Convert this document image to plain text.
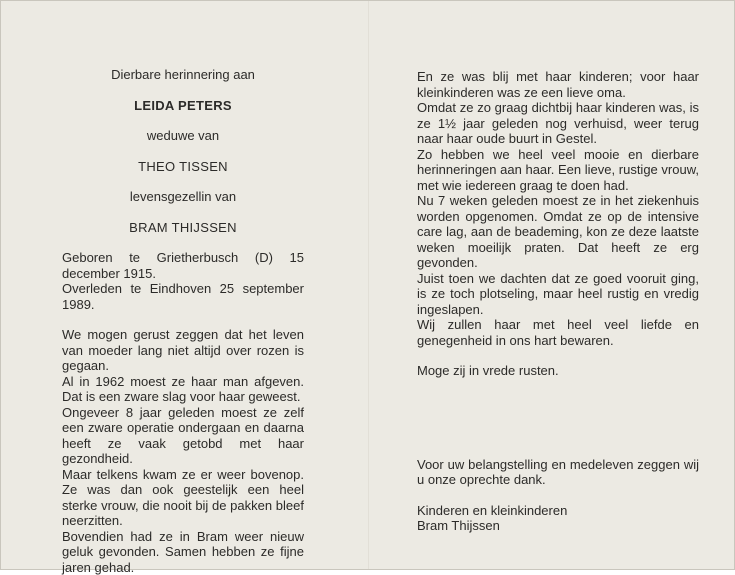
Dierbare herinnering aan

LEIDA PETERS

weduwe van

THEO TISSEN

levensgezellin van

BRAM THIJSSEN

Geboren te Grietherbusch (D) 15 december 1915.

Overleden te Eindhoven 25 september 1989.

We mogen gerust zeggen dat het leven van moeder lang niet altijd over rozen is gegaan.

Al in 1962 moest ze haar man afgeven. Dat is een zware slag voor haar geweest.

Ongeveer 8 jaar geleden moest ze zelf een zware operatie ondergaan en daarna heeft ze vaak getobd met haar gezondheid.

Maar telkens kwam ze er weer bovenop. Ze was dan ook geestelijk een heel sterke vrouw, die nooit bij de pakken bleef neerzitten.

Bovendien had ze in Bram weer nieuw geluk gevonden. Samen hebben ze fijne jaren gehad.

En ze was blij met haar kinderen; voor haar kleinkinderen was ze een lieve oma.

Omdat ze zo graag dichtbij haar kinderen was, is ze 1½ jaar geleden nog verhuisd, weer terug naar haar oude buurt in Gestel.

Zo hebben we heel veel mooie en dierbare herinneringen aan haar. Een lieve, rustige vrouw, met wie iedereen graag te doen had.

Nu 7 weken geleden moest ze in het ziekenhuis worden opgenomen. Omdat ze op de intensive care lag, aan de beademing, kon ze deze laatste weken moeilijk praten. Dat heeft ze erg gevonden.

Juist toen we dachten dat ze goed vooruit ging, is ze toch plotseling, maar heel rustig en vredig ingeslapen.

Wij zullen haar met heel veel liefde en genegenheid in ons hart bewaren.

Moge zij in vrede rusten.

Voor uw belangstelling en medeleven zeggen wij u onze oprechte dank.

Kinderen en kleinkinderen

Bram Thijssen
